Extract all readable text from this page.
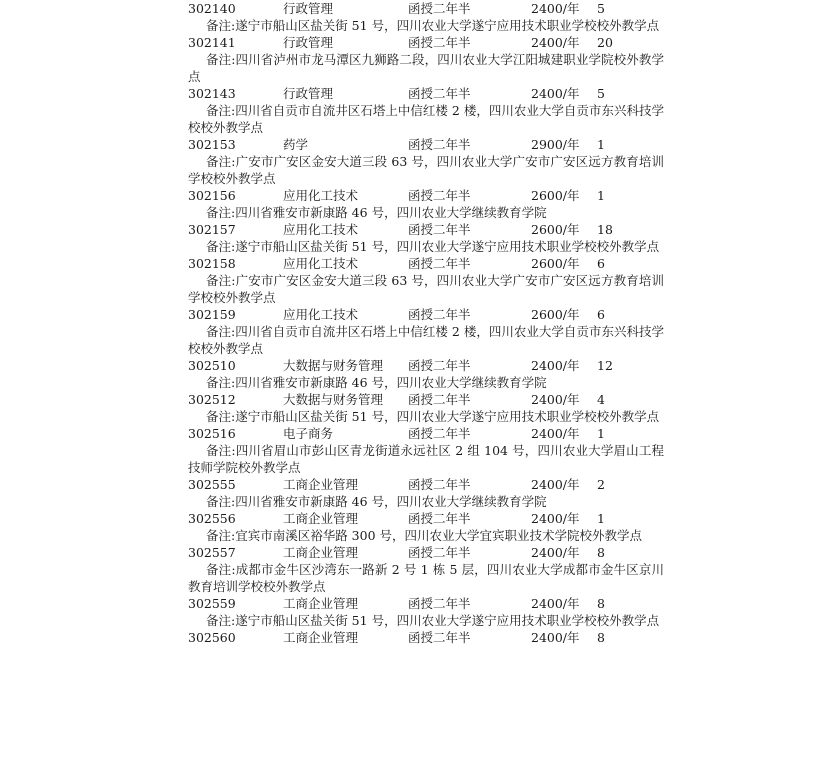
302140	行政管理	函授二年半	2400/年 5
备注:遂宁市船山区盐关街 51 号，四川农业大学遂宁应用技术职业学校校外教学点
302141	行政管理	函授二年半	2400/年 20
备注:四川省泸州市龙马潭区九狮路二段，四川农业大学江阳城建职业学院校外教学点
302143	行政管理	函授二年半	2400/年 5
备注:四川省自贡市自流井区石塔上中信红楼 2 楼，四川农业大学自贡市东兴科技学校校外教学点
302153	药学	函授二年半	2900/年 1
备注:广安市广安区金安大道三段 63 号，四川农业大学广安市广安区远方教育培训学校校外教学点
302156	应用化工技术	函授二年半	2600/年 1
备注:四川省雅安市新康路 46 号，四川农业大学继续教育学院
302157	应用化工技术	函授二年半	2600/年 18
备注:遂宁市船山区盐关街 51 号，四川农业大学遂宁应用技术职业学校校外教学点
302158	应用化工技术	函授二年半	2600/年 6
备注:广安市广安区金安大道三段 63 号，四川农业大学广安市广安区远方教育培训学校校外教学点
302159	应用化工技术	函授二年半	2600/年 6
备注:四川省自贡市自流井区石塔上中信红楼 2 楼，四川农业大学自贡市东兴科技学校校外教学点
302510	大数据与财务管理 函授二年半	2400/年 12
备注:四川省雅安市新康路 46 号，四川农业大学继续教育学院
302512	大数据与财务管理 函授二年半	2400/年 4
备注:遂宁市船山区盐关街 51 号，四川农业大学遂宁应用技术职业学校校外教学点
302516	电子商务	函授二年半	2400/年 1
备注:四川省眉山市彭山区青龙街道永远社区 2 组 104 号，四川农业大学眉山工程技师学院校外教学点
302555	工商企业管理	函授二年半	2400/年 2
备注:四川省雅安市新康路 46 号，四川农业大学继续教育学院
302556	工商企业管理	函授二年半	2400/年 1
备注:宜宾市南溪区裕华路 300 号，四川农业大学宜宾职业技术学院校外教学点
302557	工商企业管理	函授二年半	2400/年 8
备注:成都市金牛区沙湾东一路新 2 号 1 栋 5 层，四川农业大学成都市金牛区京川教育培训学校校外教学点
302559	工商企业管理	函授二年半	2400/年 8
备注:遂宁市船山区盐关街 51 号，四川农业大学遂宁应用技术职业学校校外教学点
302560	工商企业管理	函授二年半	2400/年 8
